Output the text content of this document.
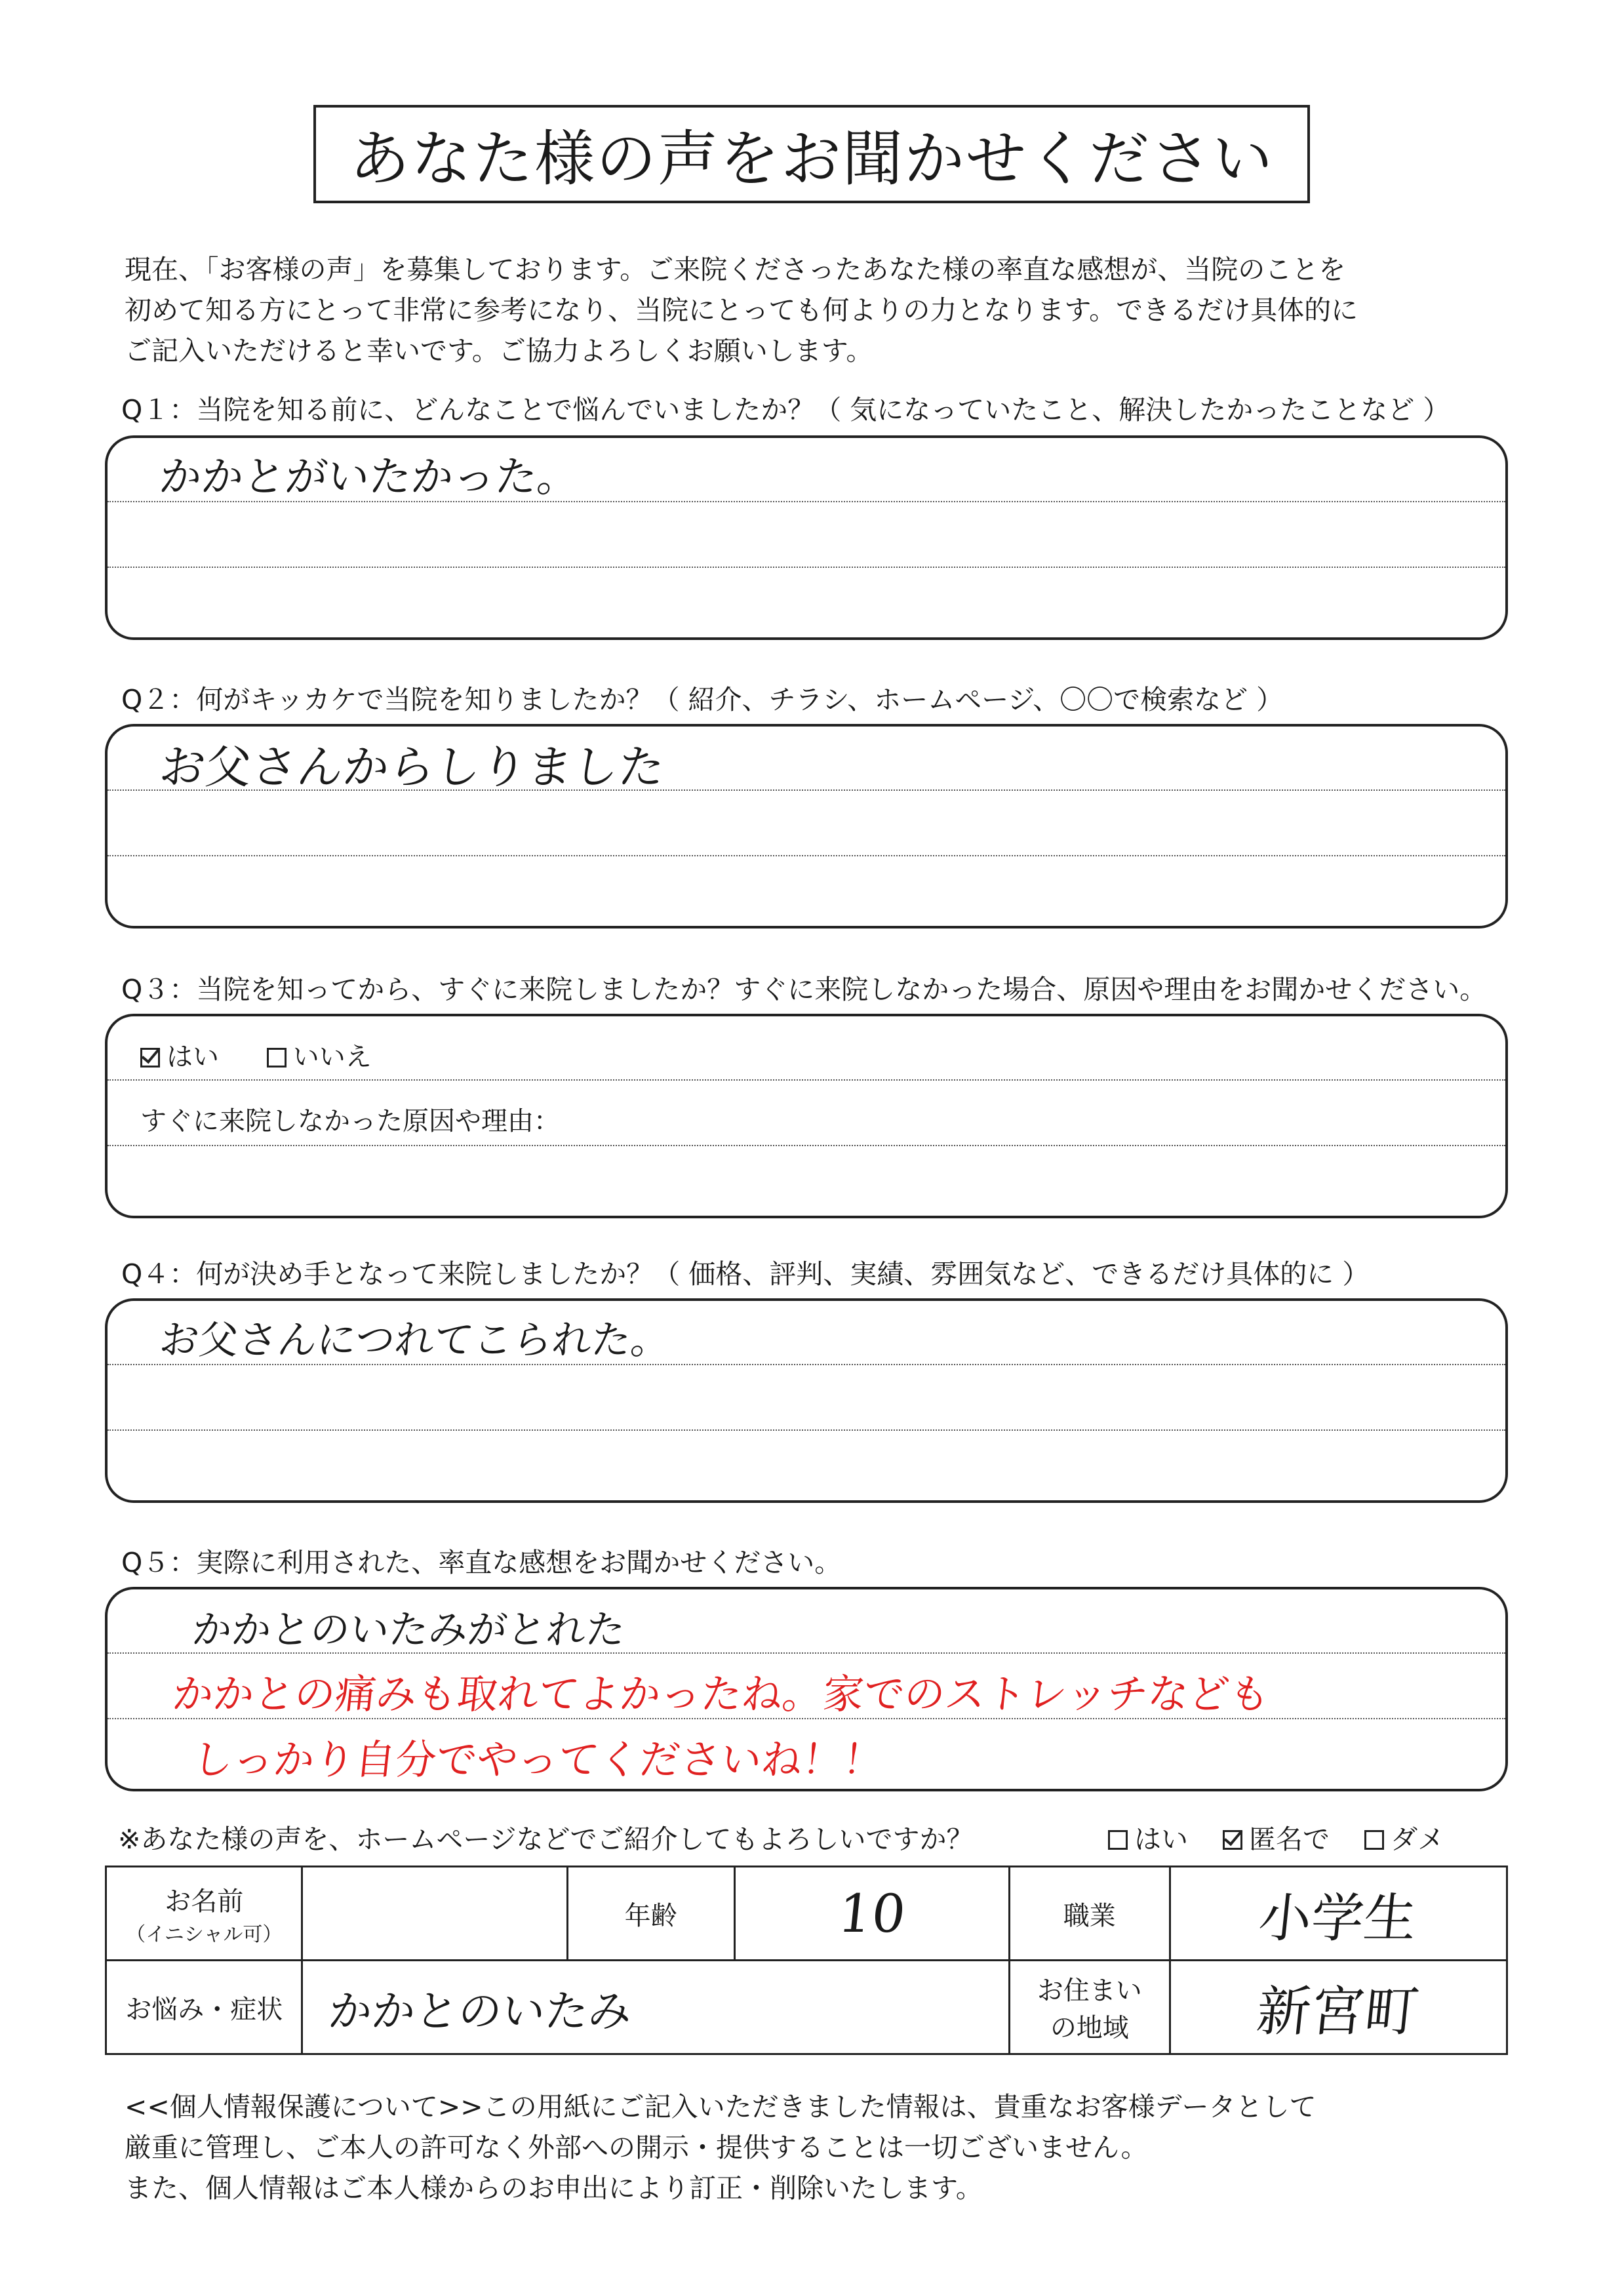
あなた様の声をお聞かせください
現在、「お客様の声」を募集しております。ご来院くださったあなた様の率直な感想が、当院のことを
初めて知る方にとって非常に参考になり、当院にとっても何よりの力となります。できるだけ具体的に
ご記入いただけると幸いです。ご協力よろしくお願いします。
Q１：当院を知る前に、どんなことで悩んでいましたか？（ 気になっていたこと、解決したかったことなど ）
かかとがいたかった。
Q２：何がキッカケで当院を知りましたか？（ 紹介、チラシ、ホームページ、〇〇で検索など ）
お父さんからしりました
Q３：当院を知ってから、すぐに来院しましたか？すぐに来院しなかった場合、原因や理由をお聞かせください。
はい
	いいえ
すぐに来院しなかった原因や理由：
Q４：何が決め手となって来院しましたか？（ 価格、評判、実績、雰囲気など、できるだけ具体的に ）
お父さんにつれてこられた。
Q５：実際に利用された、率直な感想をお聞かせください。
かかとのいたみがとれた
かかとの痛みも取れてよかったね。家でのストレッチなども
しっかり自分でやってくださいね！！
※あなた様の声を、ホームページなどでご紹介してもよろしいですか？	はい
匿名で
ダメ
お名前
（イニシャル可）		年齢	10	職業	小学生
お悩み・症状	かかとのいたみ			お住まいの地域	新宮町
<<個人情報保護について>>この用紙にご記入いただきました情報は、貴重なお客様データとして
厳重に管理し、ご本人の許可なく外部への開示・提供することは一切ございません。
また、個人情報はご本人様からのお申出により訂正・削除いたします。
